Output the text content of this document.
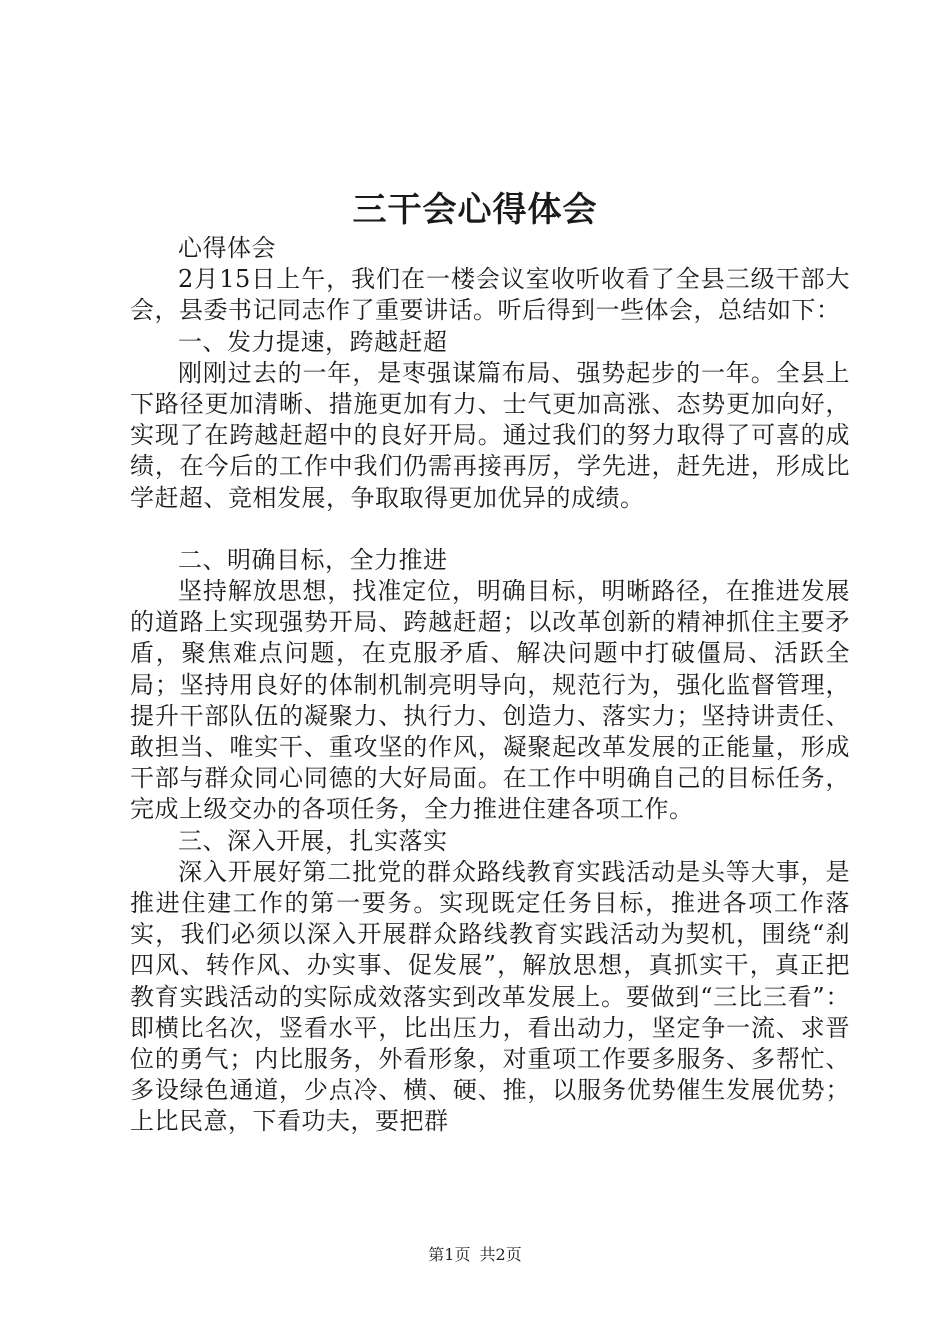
三干会心得体会

心得体会

2月15日上午，我们在一楼会议室收听收看了全县三级干部大会，县委书记同志作了重要讲话。听后得到一些体会，总结如下：

一、发力提速，跨越赶超

刚刚过去的一年，是枣强谋篇布局、强势起步的一年。全县上下路径更加清晰、措施更加有力、士气更加高涨、态势更加向好，实现了在跨越赶超中的良好开局。通过我们的努力取得了可喜的成绩，在今后的工作中我们仍需再接再厉，学先进，赶先进，形成比学赶超、竞相发展，争取取得更加优异的成绩。

二、明确目标，全力推进

坚持解放思想，找准定位，明确目标，明晰路径，在推进发展的道路上实现强势开局、跨越赶超；以改革创新的精神抓住主要矛盾，聚焦难点问题，在克服矛盾、解决问题中打破僵局、活跃全局；坚持用良好的体制机制亮明导向，规范行为，强化监督管理，提升干部队伍的凝聚力、执行力、创造力、落实力；坚持讲责任、敢担当、唯实干、重攻坚的作风，凝聚起改革发展的正能量，形成干部与群众同心同德的大好局面。在工作中明确自己的目标任务，完成上级交办的各项任务，全力推进住建各项工作。

三、深入开展，扎实落实

深入开展好第二批党的群众路线教育实践活动是头等大事，是推进住建工作的第一要务。实现既定任务目标，推进各项工作落实，我们必须以深入开展群众路线教育实践活动为契机，围绕“刹四风、转作风、办实事、促发展”，解放思想，真抓实干，真正把教育实践活动的实际成效落实到改革发展上。要做到“三比三看”：即横比名次，竖看水平，比出压力，看出动力，坚定争一流、求晋位的勇气；内比服务，外看形象，对重项工作要多服务、多帮忙、多设绿色通道，少点冷、横、硬、推，以服务优势催生发展优势；上比民意，下看功夫，要把群

第1页 共2页
